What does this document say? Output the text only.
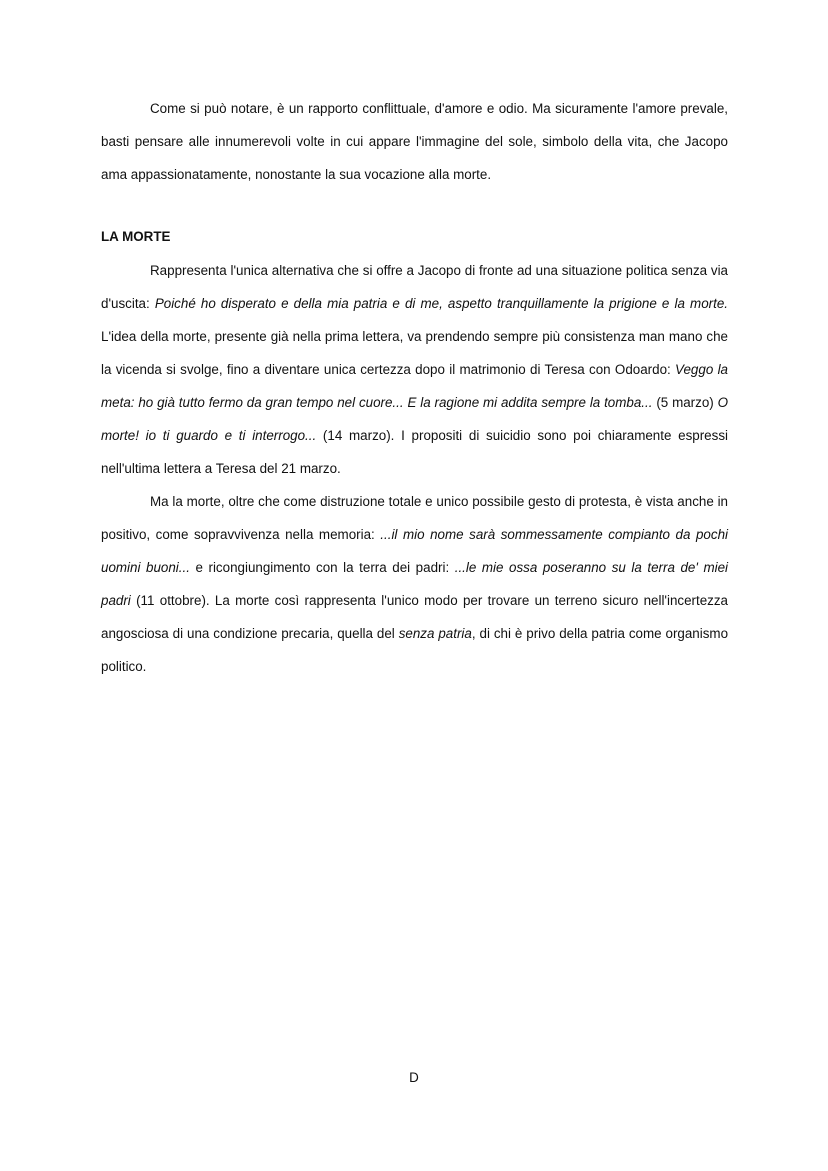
Come si può notare, è un rapporto conflittuale, d'amore e odio. Ma sicuramente l'amore prevale, basti pensare alle innumerevoli volte in cui appare l'immagine del sole, simbolo della vita, che Jacopo ama appassionatamente, nonostante la sua vocazione alla morte.

LA MORTE

Rappresenta l'unica alternativa che si offre a Jacopo di fronte ad una situazione politica senza via d'uscita: Poiché ho disperato e della mia patria e di me, aspetto tranquillamente la prigione e la morte. L'idea della morte, presente già nella prima lettera, va prendendo sempre più consistenza man mano che la vicenda si svolge, fino a diventare unica certezza dopo il matrimonio di Teresa con Odoardo: Veggo la meta: ho già tutto fermo da gran tempo nel cuore... E la ragione mi addita sempre la tomba... (5 marzo) O morte! io ti guardo e ti interrogo... (14 marzo). I propositi di suicidio sono poi chiaramente espressi nell'ultima lettera a Teresa del 21 marzo.

Ma la morte, oltre che come distruzione totale e unico possibile gesto di protesta, è vista anche in positivo, come sopravvivenza nella memoria: ...il mio nome sarà sommessamente compianto da pochi uomini buoni... e ricongiungimento con la terra dei padri: ...le mie ossa poseranno su la terra de' miei padri (11 ottobre). La morte così rappresenta l'unico modo per trovare un terreno sicuro nell'incertezza angosciosa di una condizione precaria, quella del senza patria, di chi è privo della patria come organismo politico.

D
